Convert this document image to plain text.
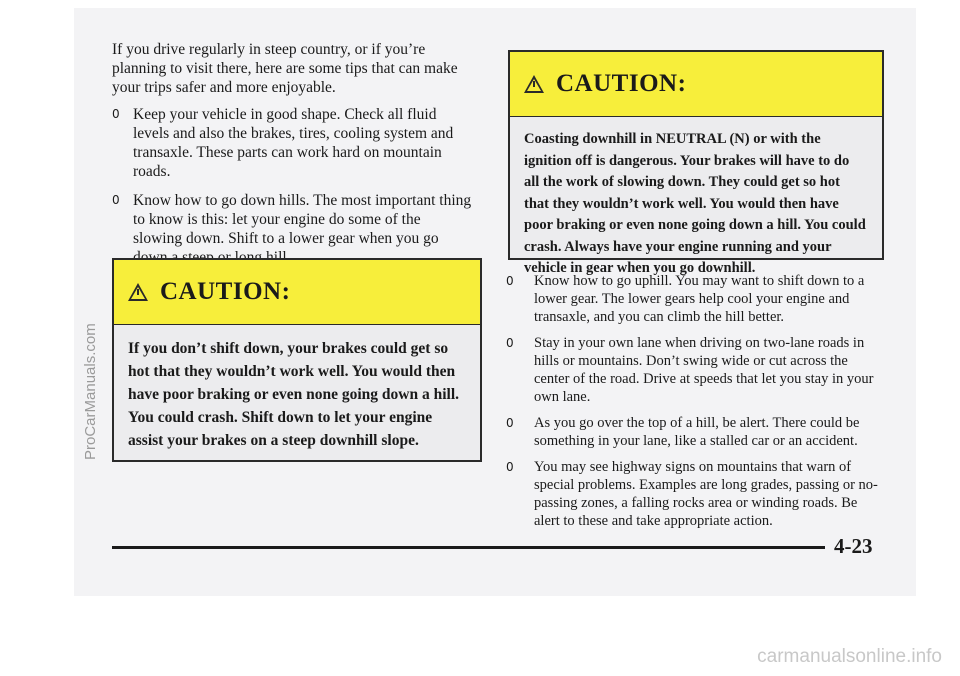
ProCarManuals.com

If you drive regularly in steep country, or if you’re planning to visit there, here are some tips that can make your trips safer and more enjoyable.

0 Keep your vehicle in good shape. Check all fluid levels and also the brakes, tires, cooling system and transaxle. These parts can work hard on mountain roads.
0 Know how to go down hills. The most important thing to know is this: let your engine do some of the slowing down. Shift to a lower gear when you go
CAUTION:
If you don’t shift down, your brakes could get so hot that they wouldn’t work well. You would then have poor braking or even none going down a hill. You could crash. Shift down to let your engine assist your brakes on a steep downhill slope.
CAUTION:
Coasting downhill in NEUTRAL (N) or with the ignition off is dangerous. Your brakes will have to do all the work of slowing down. They could get so hot that they wouldn’t work well. You would then have poor braking or even none going down a hill. You could crash. Always have your engine running and your vehicle in gear when you go downhill.
0 Know how to go uphill. You may want to shift down to a lower gear. The lower gears help cool your engine and transaxle, and you can climb the hill better.
0 Stay in your own lane when driving on two-lane roads in hills or mountains. Don’t swing wide or cut across the center of the road. Drive at speeds that let you stay in your own lane.
0 As you go over the top of a hill, be alert. There could be something in your lane, like a stalled car or an accident.
0 You may see highway signs on mountains that warn of special problems. Examples are long grades, passing or no-passing zones, a falling rocks area or winding roads. Be alert to these and take appropriate action.
4-23
carmanualsonline.info
